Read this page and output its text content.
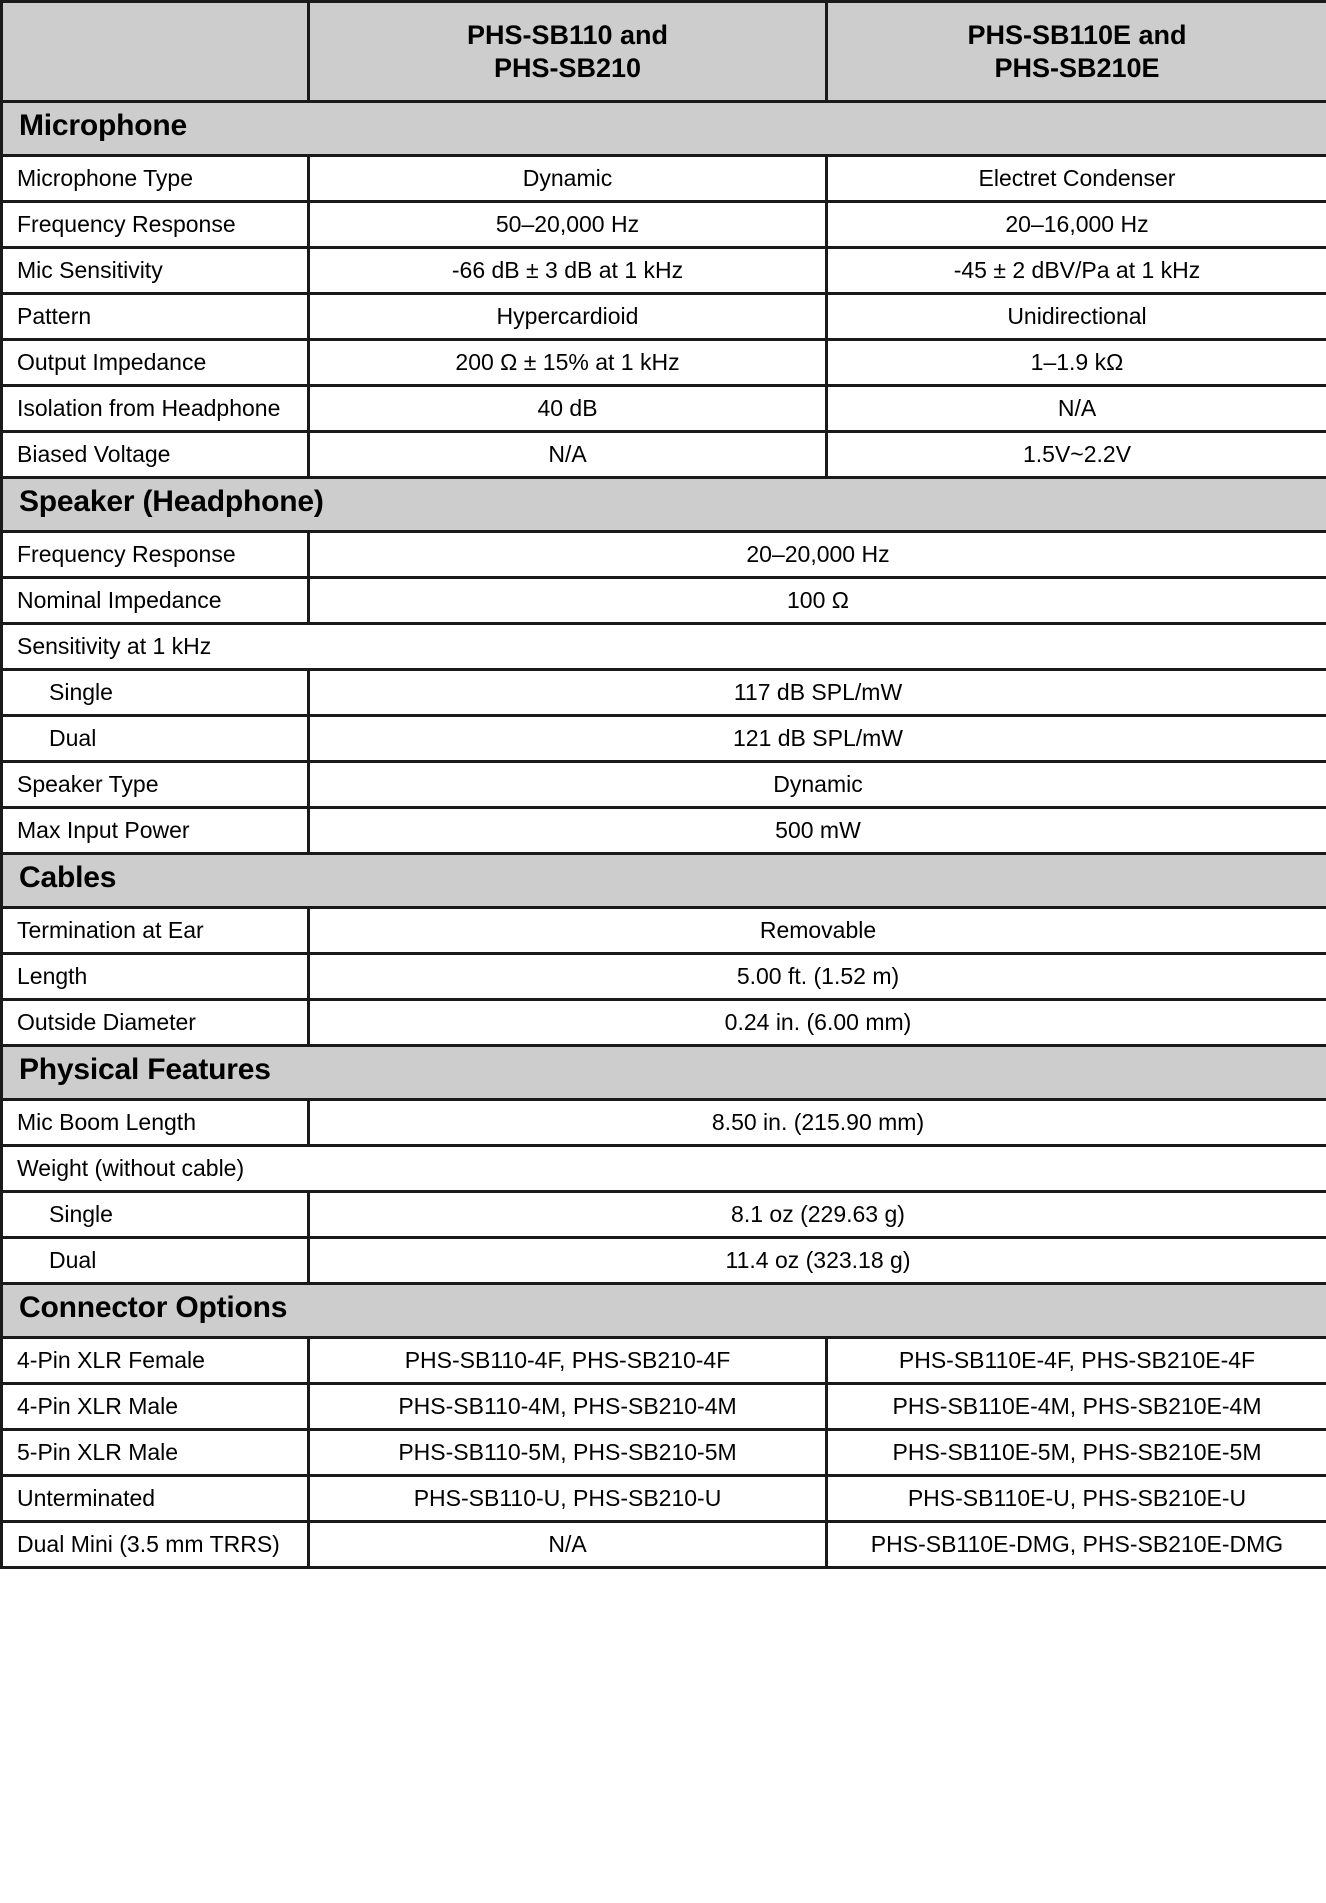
	PHS-SB110 and
PHS-SB210	PHS-SB110E and
PHS-SB210E

Microphone		
Microphone Type	Dynamic	Electret Condenser
Frequency Response	50–20,000 Hz	20–16,000 Hz
Mic Sensitivity	-66 dB ± 3 dB at 1 kHz	-45 ± 2 dBV/Pa at 1 kHz
Pattern	Hypercardioid	Unidirectional
Output Impedance	200 Ω ± 15% at 1 kHz	1–1.9 kΩ
Isolation from Headphone	40 dB	N/A
Biased Voltage	N/A	1.5V~2.2V
Speaker (Headphone)		
Frequency Response	20–20,000 Hz	
Nominal Impedance	100 Ω	
Sensitivity at 1 kHz		
Single	117 dB SPL/mW	
Dual	121 dB SPL/mW	
Speaker Type	Dynamic	
Max Input Power	500 mW	
Cables		
Termination at Ear	Removable	
Length	5.00 ft. (1.52 m)	
Outside Diameter	0.24 in. (6.00 mm)	
Physical Features		
Mic Boom Length	8.50 in. (215.90 mm)	
Weight (without cable)		
Single	8.1 oz (229.63 g)	
Dual	11.4 oz (323.18 g)	
Connector Options		
4-Pin XLR Female	PHS-SB110-4F, PHS-SB210-4F	PHS-SB110E-4F, PHS-SB210E-4F
4-Pin XLR Male	PHS-SB110-4M, PHS-SB210-4M	PHS-SB110E-4M, PHS-SB210E-4M
5-Pin XLR Male	PHS-SB110-5M, PHS-SB210-5M	PHS-SB110E-5M, PHS-SB210E-5M
Unterminated	PHS-SB110-U, PHS-SB210-U	PHS-SB110E-U, PHS-SB210E-U
Dual Mini (3.5 mm TRRS)	N/A	PHS-SB110E-DMG, PHS-SB210E-DMG
